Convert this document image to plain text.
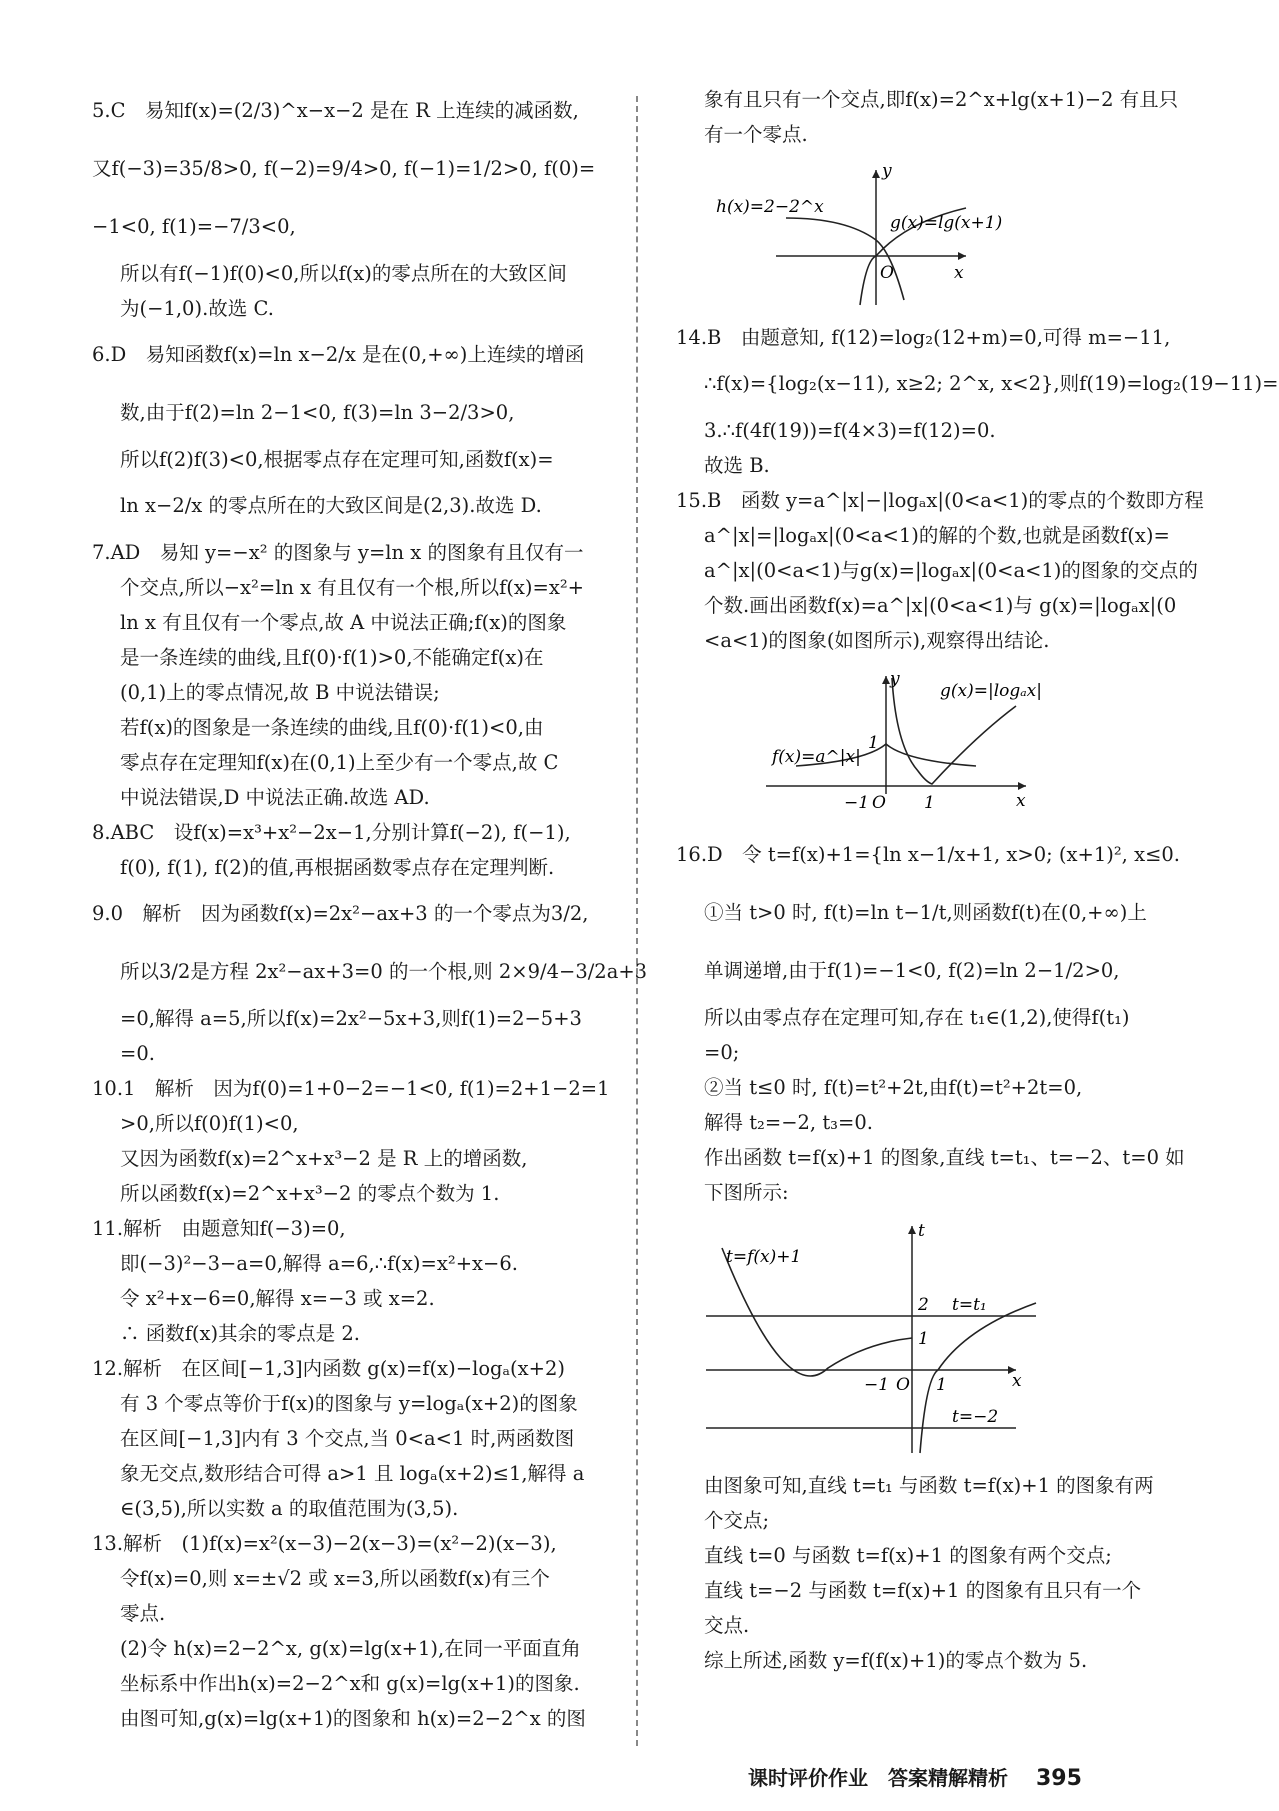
5.C　易知f(x)=(2/3)^x−x−2 是在 R 上连续的减函数,
又f(−3)=35/8>0, f(−2)=9/4>0, f(−1)=1/2>0, f(0)=
−1<0, f(1)=−7/3<0,
所以有f(−1)f(0)<0,所以f(x)的零点所在的大致区间
为(−1,0).故选 C.
6.D　易知函数f(x)=ln x−2/x 是在(0,+∞)上连续的增函
数,由于f(2)=ln 2−1<0, f(3)=ln 3−2/3>0,
所以f(2)f(3)<0,根据零点存在定理可知,函数f(x)=
ln x−2/x 的零点所在的大致区间是(2,3).故选 D.
7.AD　易知 y=−x² 的图象与 y=ln x 的图象有且仅有一
个交点,所以−x²=ln x 有且仅有一个根,所以f(x)=x²+
ln x 有且仅有一个零点,故 A 中说法正确;f(x)的图象
是一条连续的曲线,且f(0)·f(1)>0,不能确定f(x)在
(0,1)上的零点情况,故 B 中说法错误;
若f(x)的图象是一条连续的曲线,且f(0)·f(1)<0,由
零点存在定理知f(x)在(0,1)上至少有一个零点,故 C
中说法错误,D 中说法正确.故选 AD.
8.ABC　设f(x)=x³+x²−2x−1,分别计算f(−2), f(−1),
f(0), f(1), f(2)的值,再根据函数零点存在定理判断.
9.0　解析　因为函数f(x)=2x²−ax+3 的一个零点为3/2,
所以3/2是方程 2x²−ax+3=0 的一个根,则 2×9/4−3/2a+3
=0,解得 a=5,所以f(x)=2x²−5x+3,则f(1)=2−5+3
=0.
10.1　解析　因为f(0)=1+0−2=−1<0, f(1)=2+1−2=1
>0,所以f(0)f(1)<0,
又因为函数f(x)=2^x+x³−2 是 R 上的增函数,
所以函数f(x)=2^x+x³−2 的零点个数为 1.
11.解析　由题意知f(−3)=0,
即(−3)²−3−a=0,解得 a=6,∴f(x)=x²+x−6.
令 x²+x−6=0,解得 x=−3 或 x=2.
∴ 函数f(x)其余的零点是 2.
12.解析　在区间[−1,3]内函数 g(x)=f(x)−logₐ(x+2)
有 3 个零点等价于f(x)的图象与 y=logₐ(x+2)的图象
在区间[−1,3]内有 3 个交点,当 0<a<1 时,两函数图
象无交点,数形结合可得 a>1 且 logₐ(x+2)≤1,解得 a
∈(3,5),所以实数 a 的取值范围为(3,5).
13.解析　(1)f(x)=x²(x−3)−2(x−3)=(x²−2)(x−3),
令f(x)=0,则 x=±√2 或 x=3,所以函数f(x)有三个
零点.
(2)令 h(x)=2−2^x, g(x)=lg(x+1),在同一平面直角
坐标系中作出h(x)=2−2^x和 g(x)=lg(x+1)的图象.
由图可知,g(x)=lg(x+1)的图象和 h(x)=2−2^x 的图
象有且只有一个交点,即f(x)=2^x+lg(x+1)−2 有且只
有一个零点.
y
x
O
h(x)=2−2^x
g(x)=lg(x+1)
14.B　由题意知, f(12)=log₂(12+m)=0,可得 m=−11,
∴f(x)={log₂(x−11), x≥2; 2^x, x<2},则f(19)=log₂(19−11)=
3.∴f(4f(19))=f(4×3)=f(12)=0.
故选 B.
15.B　函数 y=a^|x|−|logₐx|(0<a<1)的零点的个数即方程
a^|x|=|logₐx|(0<a<1)的解的个数,也就是函数f(x)=
a^|x|(0<a<1)与g(x)=|logₐx|(0<a<1)的图象的交点的
个数.画出函数f(x)=a^|x|(0<a<1)与 g(x)=|logₐx|(0
<a<1)的图象(如图所示),观察得出结论.
y
x
O
−1	1
1
f(x)=a^|x|
g(x)=|logₐx|
16.D　令 t=f(x)+1={ln x−1/x+1, x>0; (x+1)², x≤0.
①当 t>0 时, f(t)=ln t−1/t,则函数f(t)在(0,+∞)上
单调递增,由于f(1)=−1<0, f(2)=ln 2−1/2>0,
所以由零点存在定理可知,存在 t₁∈(1,2),使得f(t₁)
=0;
②当 t≤0 时, f(t)=t²+2t,由f(t)=t²+2t=0,
解得 t₂=−2, t₃=0.
作出函数 t=f(x)+1 的图象,直线 t=t₁、t=−2、t=0 如
下图所示:
t
x
O
−1	1
2
1
t=f(x)+1
t=t₁
t=−2
由图象可知,直线 t=t₁ 与函数 t=f(x)+1 的图象有两
个交点;
直线 t=0 与函数 t=f(x)+1 的图象有两个交点;
直线 t=−2 与函数 t=f(x)+1 的图象有且只有一个
交点.
综上所述,函数 y=f(f(x)+1)的零点个数为 5.
课时评价作业　答案精解精析 395
